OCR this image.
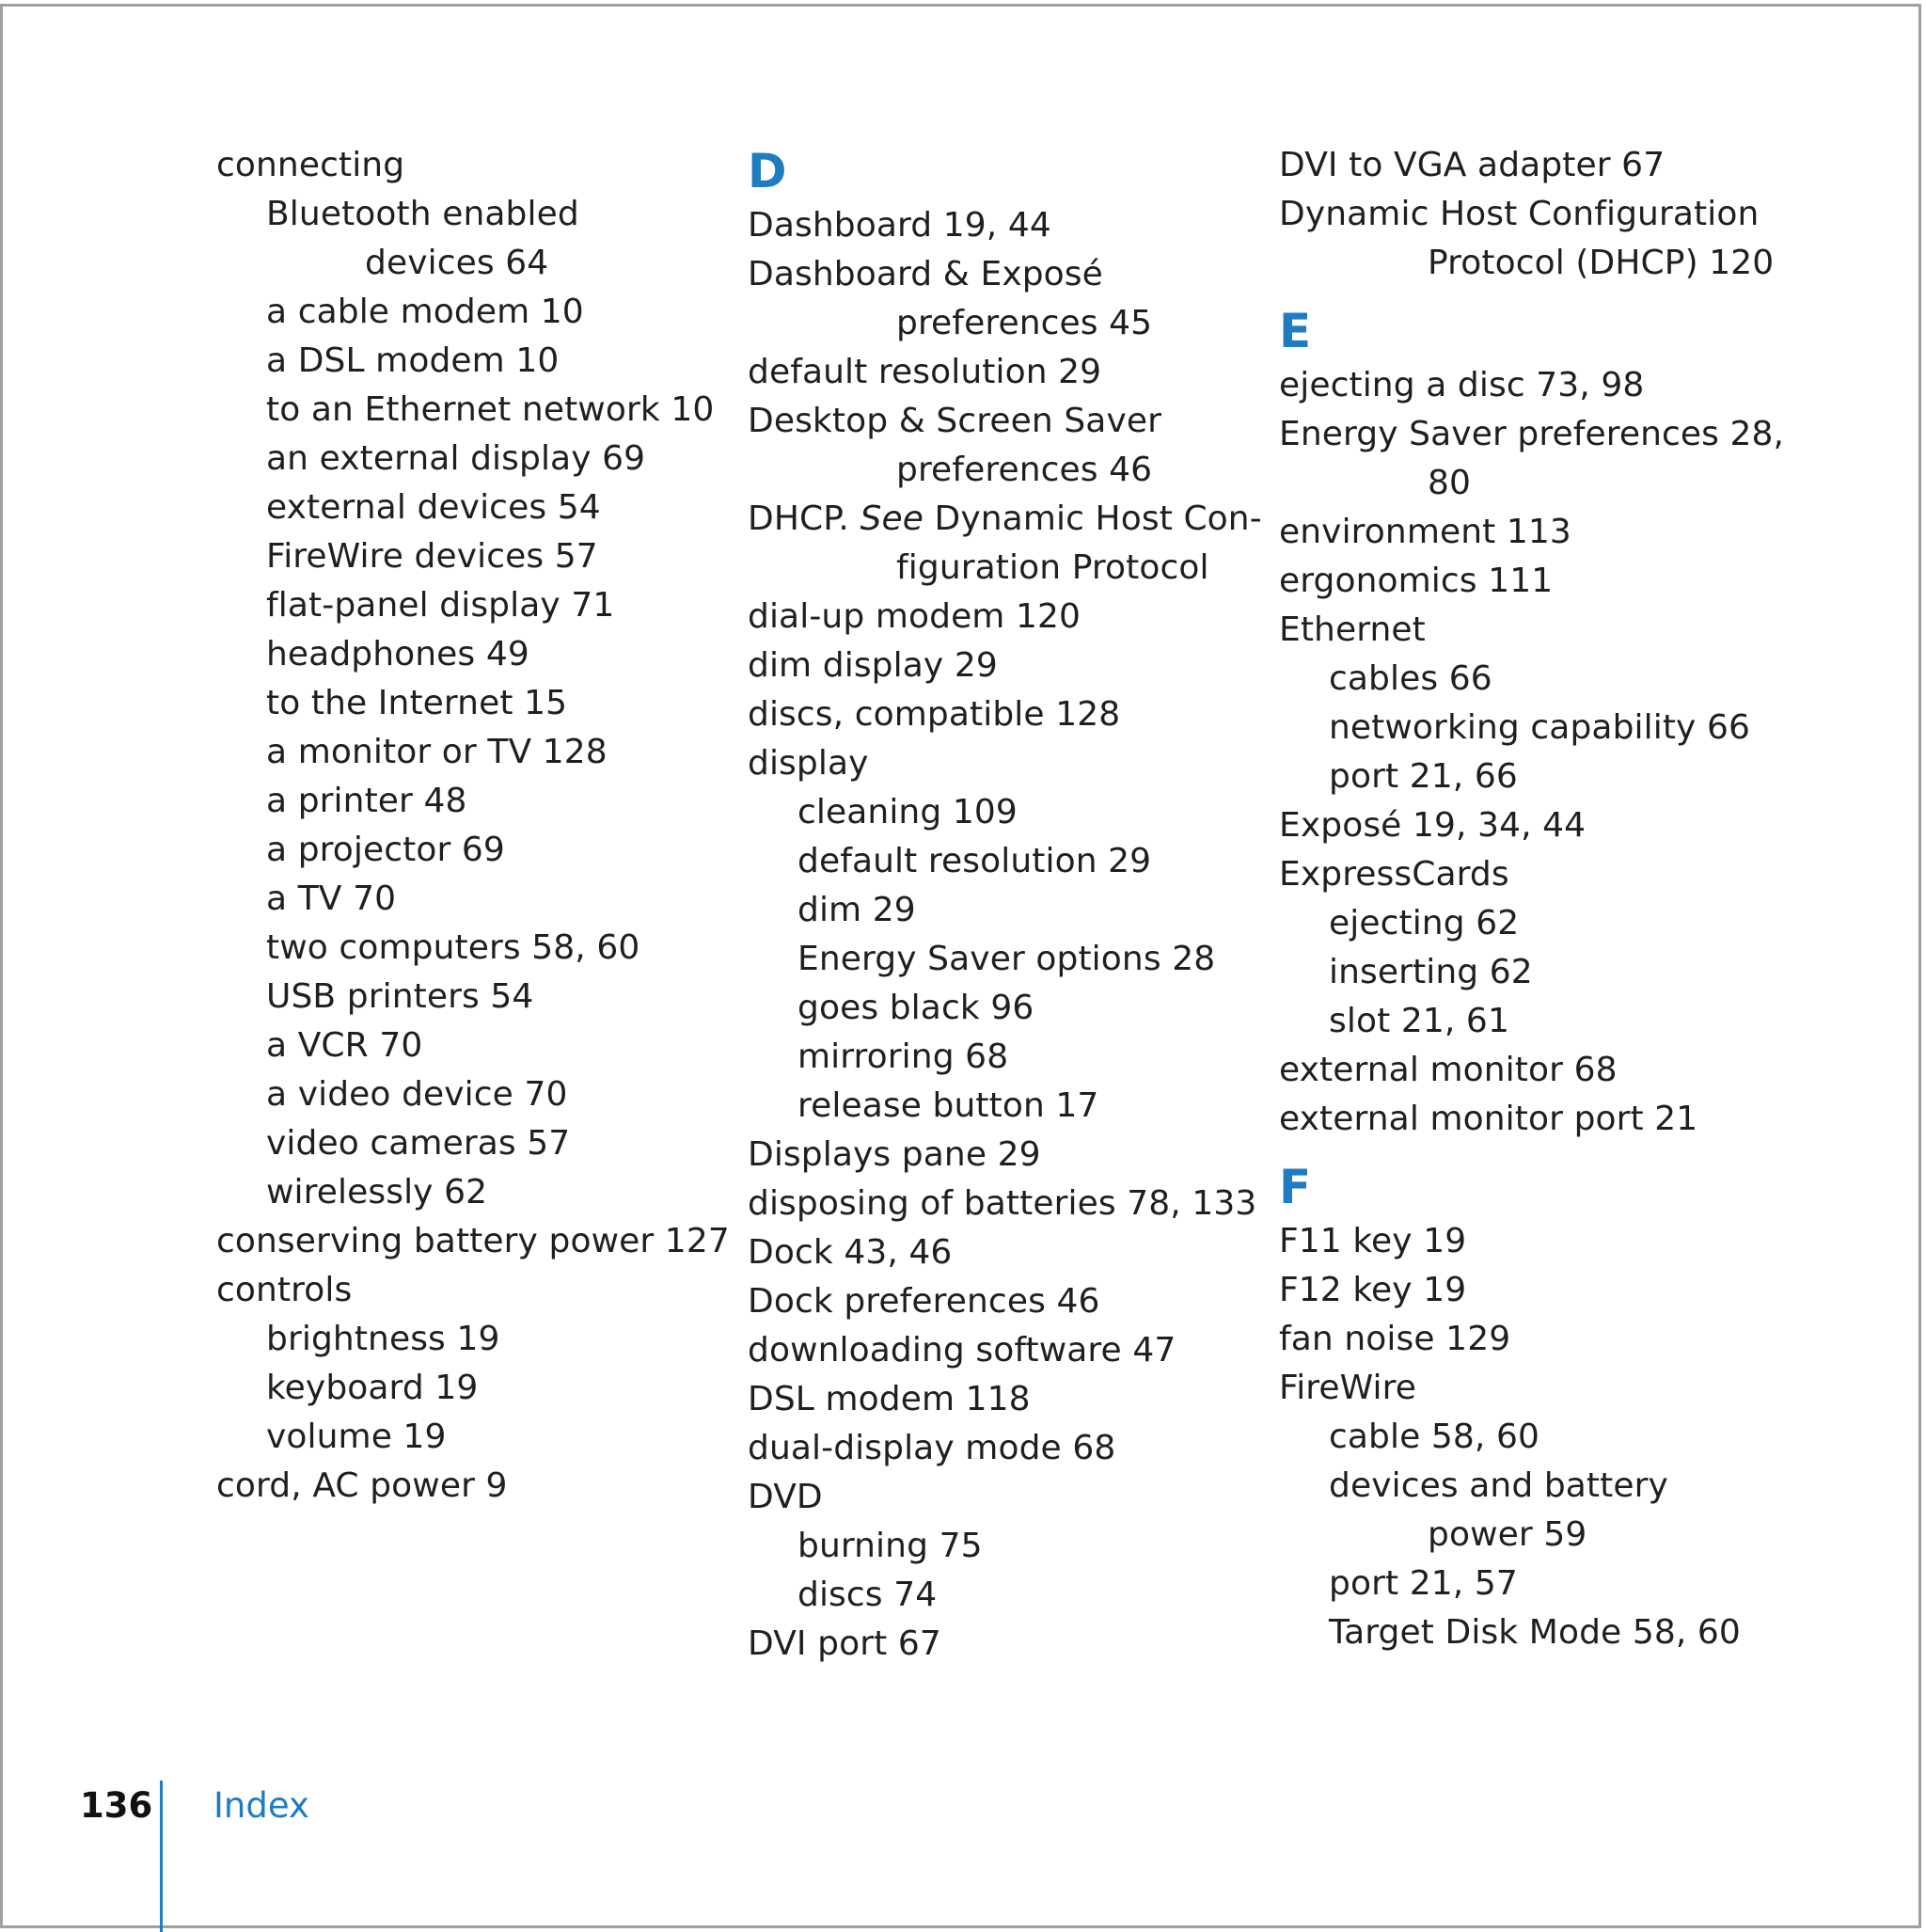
connecting
Bluetooth enabled
devices 64
a cable modem 10
a DSL modem 10
to an Ethernet network 10
an external display 69
external devices 54
FireWire devices 57
flat-panel display 71
headphones 49
to the Internet 15
a monitor or TV 128
a printer 48
a projector 69
a TV 70
two computers 58, 60
USB printers 54
a VCR 70
a video device 70
video cameras 57
wirelessly 62
conserving battery power 127
controls
brightness 19
keyboard 19
volume 19
cord, AC power 9
D
Dashboard 19, 44
Dashboard & Exposé
preferences 45
default resolution 29
Desktop & Screen Saver
preferences 46
DHCP. See Dynamic Host Con-
figuration Protocol
dial-up modem 120
dim display 29
discs, compatible 128
display
cleaning 109
default resolution 29
dim 29
Energy Saver options 28
goes black 96
mirroring 68
release button 17
Displays pane 29
disposing of batteries 78, 133
Dock 43, 46
Dock preferences 46
downloading software 47
DSL modem 118
dual-display mode 68
DVD
burning 75
discs 74
DVI port 67
DVI to VGA adapter 67
Dynamic Host Configuration
Protocol (DHCP) 120
E
ejecting a disc 73, 98
Energy Saver preferences 28,
80
environment 113
ergonomics 111
Ethernet
cables 66
networking capability 66
port 21, 66
Exposé 19, 34, 44
ExpressCards
ejecting 62
inserting 62
slot 21, 61
external monitor 68
external monitor port 21
F
F11 key 19
F12 key 19
fan noise 129
FireWire
cable 58, 60
devices and battery
power 59
port 21, 57
Target Disk Mode 58, 60
136 Index
